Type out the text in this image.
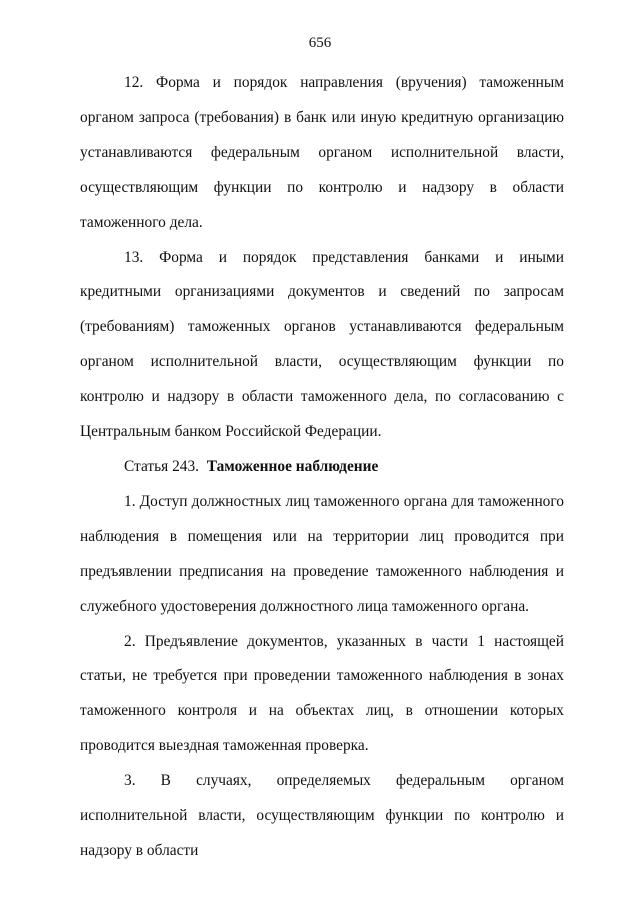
656

12. Форма и порядок направления (вручения) таможенным органом запроса (требования) в банк или иную кредитную организацию устанавливаются федеральным органом исполнительной власти, осуществляющим функции по контролю и надзору в области таможенного дела.

13. Форма и порядок представления банками и иными кредитными организациями документов и сведений по запросам (требованиям) таможенных органов устанавливаются федеральным органом исполнительной власти, осуществляющим функции по контролю и надзору в области таможенного дела, по согласованию с Центральным банком Российской Федерации.

Статья 243. Таможенное наблюдение

1. Доступ должностных лиц таможенного органа для таможенного наблюдения в помещения или на территории лиц проводится при предъявлении предписания на проведение таможенного наблюдения и служебного удостоверения должностного лица таможенного органа.

2. Предъявление документов, указанных в части 1 настоящей статьи, не требуется при проведении таможенного наблюдения в зонах таможенного контроля и на объектах лиц, в отношении которых проводится выездная таможенная проверка.

3. В случаях, определяемых федеральным органом исполнительной власти, осуществляющим функции по контролю и надзору в области
